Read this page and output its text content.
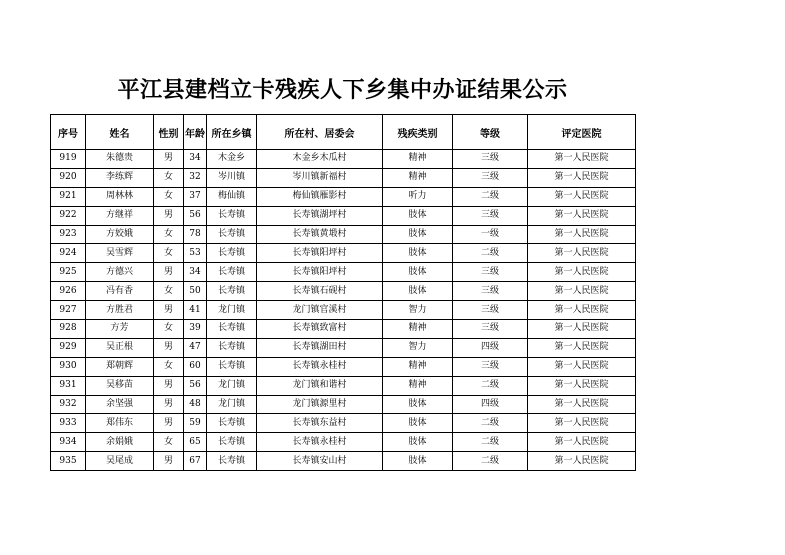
平江县建档立卡残疾人下乡集中办证结果公示
序号	姓名	性别	年龄	所在乡镇	所在村、居委会	残疾类别	等级	评定医院
919	朱德贵	男	34	木金乡	木金乡木瓜村	精神	三级	第一人民医院
920	李练辉	女	32	岑川镇	岑川镇新福村	精神	三级	第一人民医院
921	周林林	女	37	梅仙镇	梅仙镇雁影村	听力	二级	第一人民医院
922	方继祥	男	56	长寿镇	长寿镇湖坪村	肢体	三级	第一人民医院
923	方姣娥	女	78	长寿镇	长寿镇黄塅村	肢体	一级	第一人民医院
924	吴雪辉	女	53	长寿镇	长寿镇阳坪村	肢体	二级	第一人民医院
925	方德兴	男	34	长寿镇	长寿镇阳坪村	肢体	三级	第一人民医院
926	冯有香	女	50	长寿镇	长寿镇石砚村	肢体	三级	第一人民医院
927	方胜君	男	41	龙门镇	龙门镇官溪村	智力	三级	第一人民医院
928	方芳	女	39	长寿镇	长寿镇致富村	精神	三级	第一人民医院
929	吴正根	男	47	长寿镇	长寿镇湖田村	智力	四级	第一人民医院
930	郑朝辉	女	60	长寿镇	长寿镇永桂村	精神	三级	第一人民医院
931	吴移苗	男	56	龙门镇	龙门镇和谐村	精神	二级	第一人民医院
932	余坚强	男	48	龙门镇	龙门镇源里村	肢体	四级	第一人民医院
933	郑伟东	男	59	长寿镇	长寿镇东益村	肢体	二级	第一人民医院
934	余娟娥	女	65	长寿镇	长寿镇永桂村	肢体	二级	第一人民医院
935	吴尾成	男	67	长寿镇	长寿镇安山村	肢体	二级	第一人民医院
